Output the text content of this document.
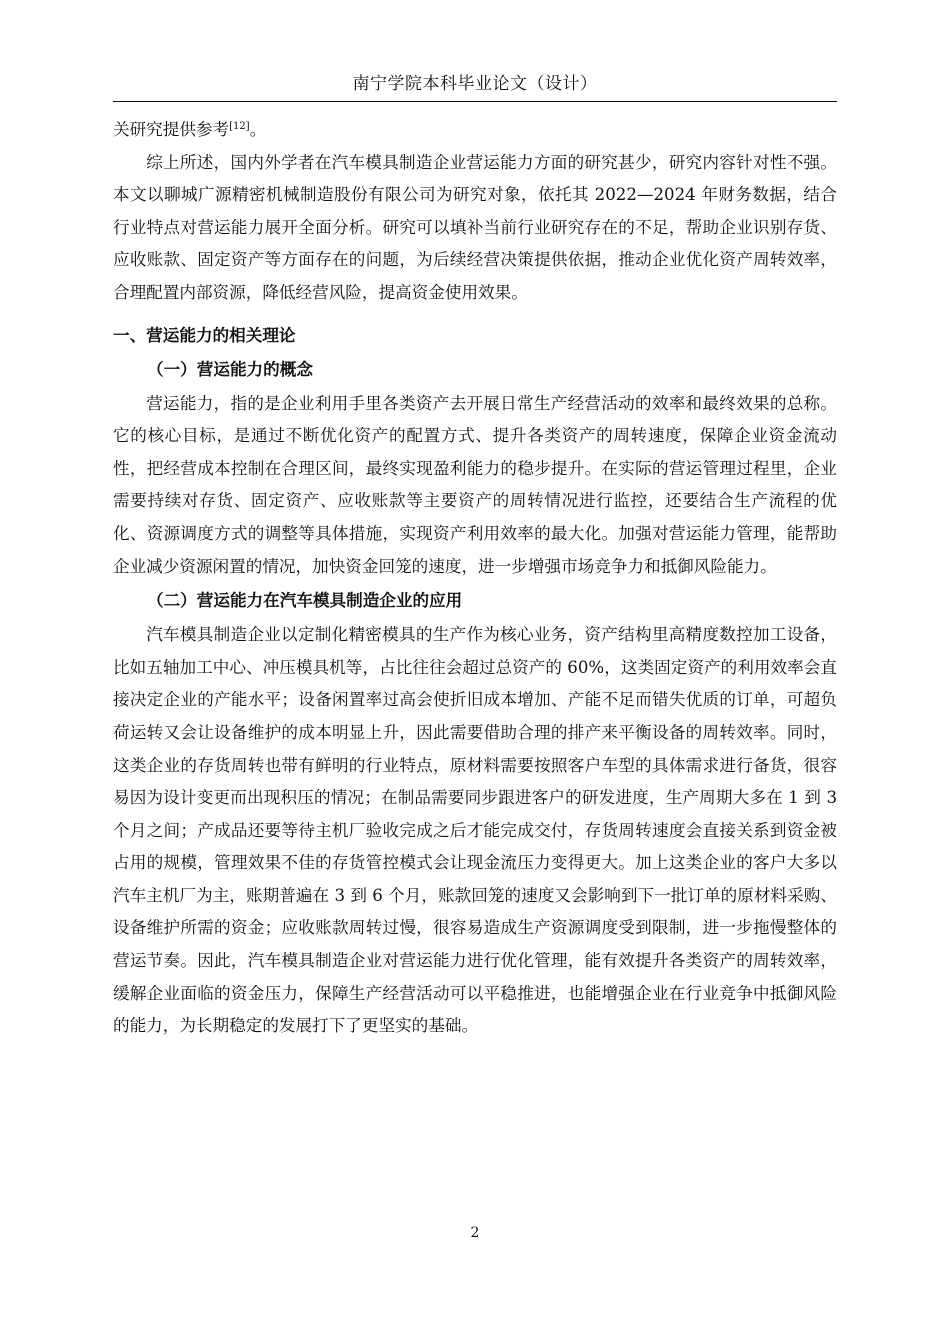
南宁学院本科毕业论文（设计）

关研究提供参考[12]。

综上所述，国内外学者在汽车模具制造企业营运能力方面的研究甚少，研究内容针对性不强。本文以聊城广源精密机械制造股份有限公司为研究对象，依托其 2022—2024 年财务数据，结合行业特点对营运能力展开全面分析。研究可以填补当前行业研究存在的不足，帮助企业识别存货、应收账款、固定资产等方面存在的问题，为后续经营决策提供依据，推动企业优化资产周转效率，合理配置内部资源，降低经营风险，提高资金使用效果。

一、营运能力的相关理论
（一）营运能力的概念

营运能力，指的是企业利用手里各类资产去开展日常生产经营活动的效率和最终效果的总称。它的核心目标，是通过不断优化资产的配置方式、提升各类资产的周转速度，保障企业资金流动性，把经营成本控制在合理区间，最终实现盈利能力的稳步提升。在实际的营运管理过程里，企业需要持续对存货、固定资产、应收账款等主要资产的周转情况进行监控，还要结合生产流程的优化、资源调度方式的调整等具体措施，实现资产利用效率的最大化。加强对营运能力管理，能帮助企业减少资源闲置的情况，加快资金回笼的速度，进一步增强市场竞争力和抵御风险能力。

（二）营运能力在汽车模具制造企业的应用

汽车模具制造企业以定制化精密模具的生产作为核心业务，资产结构里高精度数控加工设备，比如五轴加工中心、冲压模具机等，占比往往会超过总资产的 60%，这类固定资产的利用效率会直接决定企业的产能水平；设备闲置率过高会使折旧成本增加、产能不足而错失优质的订单，可超负荷运转又会让设备维护的成本明显上升，因此需要借助合理的排产来平衡设备的周转效率。同时，这类企业的存货周转也带有鲜明的行业特点，原材料需要按照客户车型的具体需求进行备货，很容易因为设计变更而出现积压的情况；在制品需要同步跟进客户的研发进度，生产周期大多在 1 到 3 个月之间；产成品还要等待主机厂验收完成之后才能完成交付，存货周转速度会直接关系到资金被占用的规模，管理效果不佳的存货管控模式会让现金流压力变得更大。加上这类企业的客户大多以汽车主机厂为主，账期普遍在 3 到 6 个月，账款回笼的速度又会影响到下一批订单的原材料采购、设备维护所需的资金；应收账款周转过慢，很容易造成生产资源调度受到限制，进一步拖慢整体的营运节奏。因此，汽车模具制造企业对营运能力进行优化管理，能有效提升各类资产的周转效率，缓解企业面临的资金压力，保障生产经营活动可以平稳推进，也能增强企业在行业竞争中抵御风险的能力，为长期稳定的发展打下了更坚实的基础。

2
